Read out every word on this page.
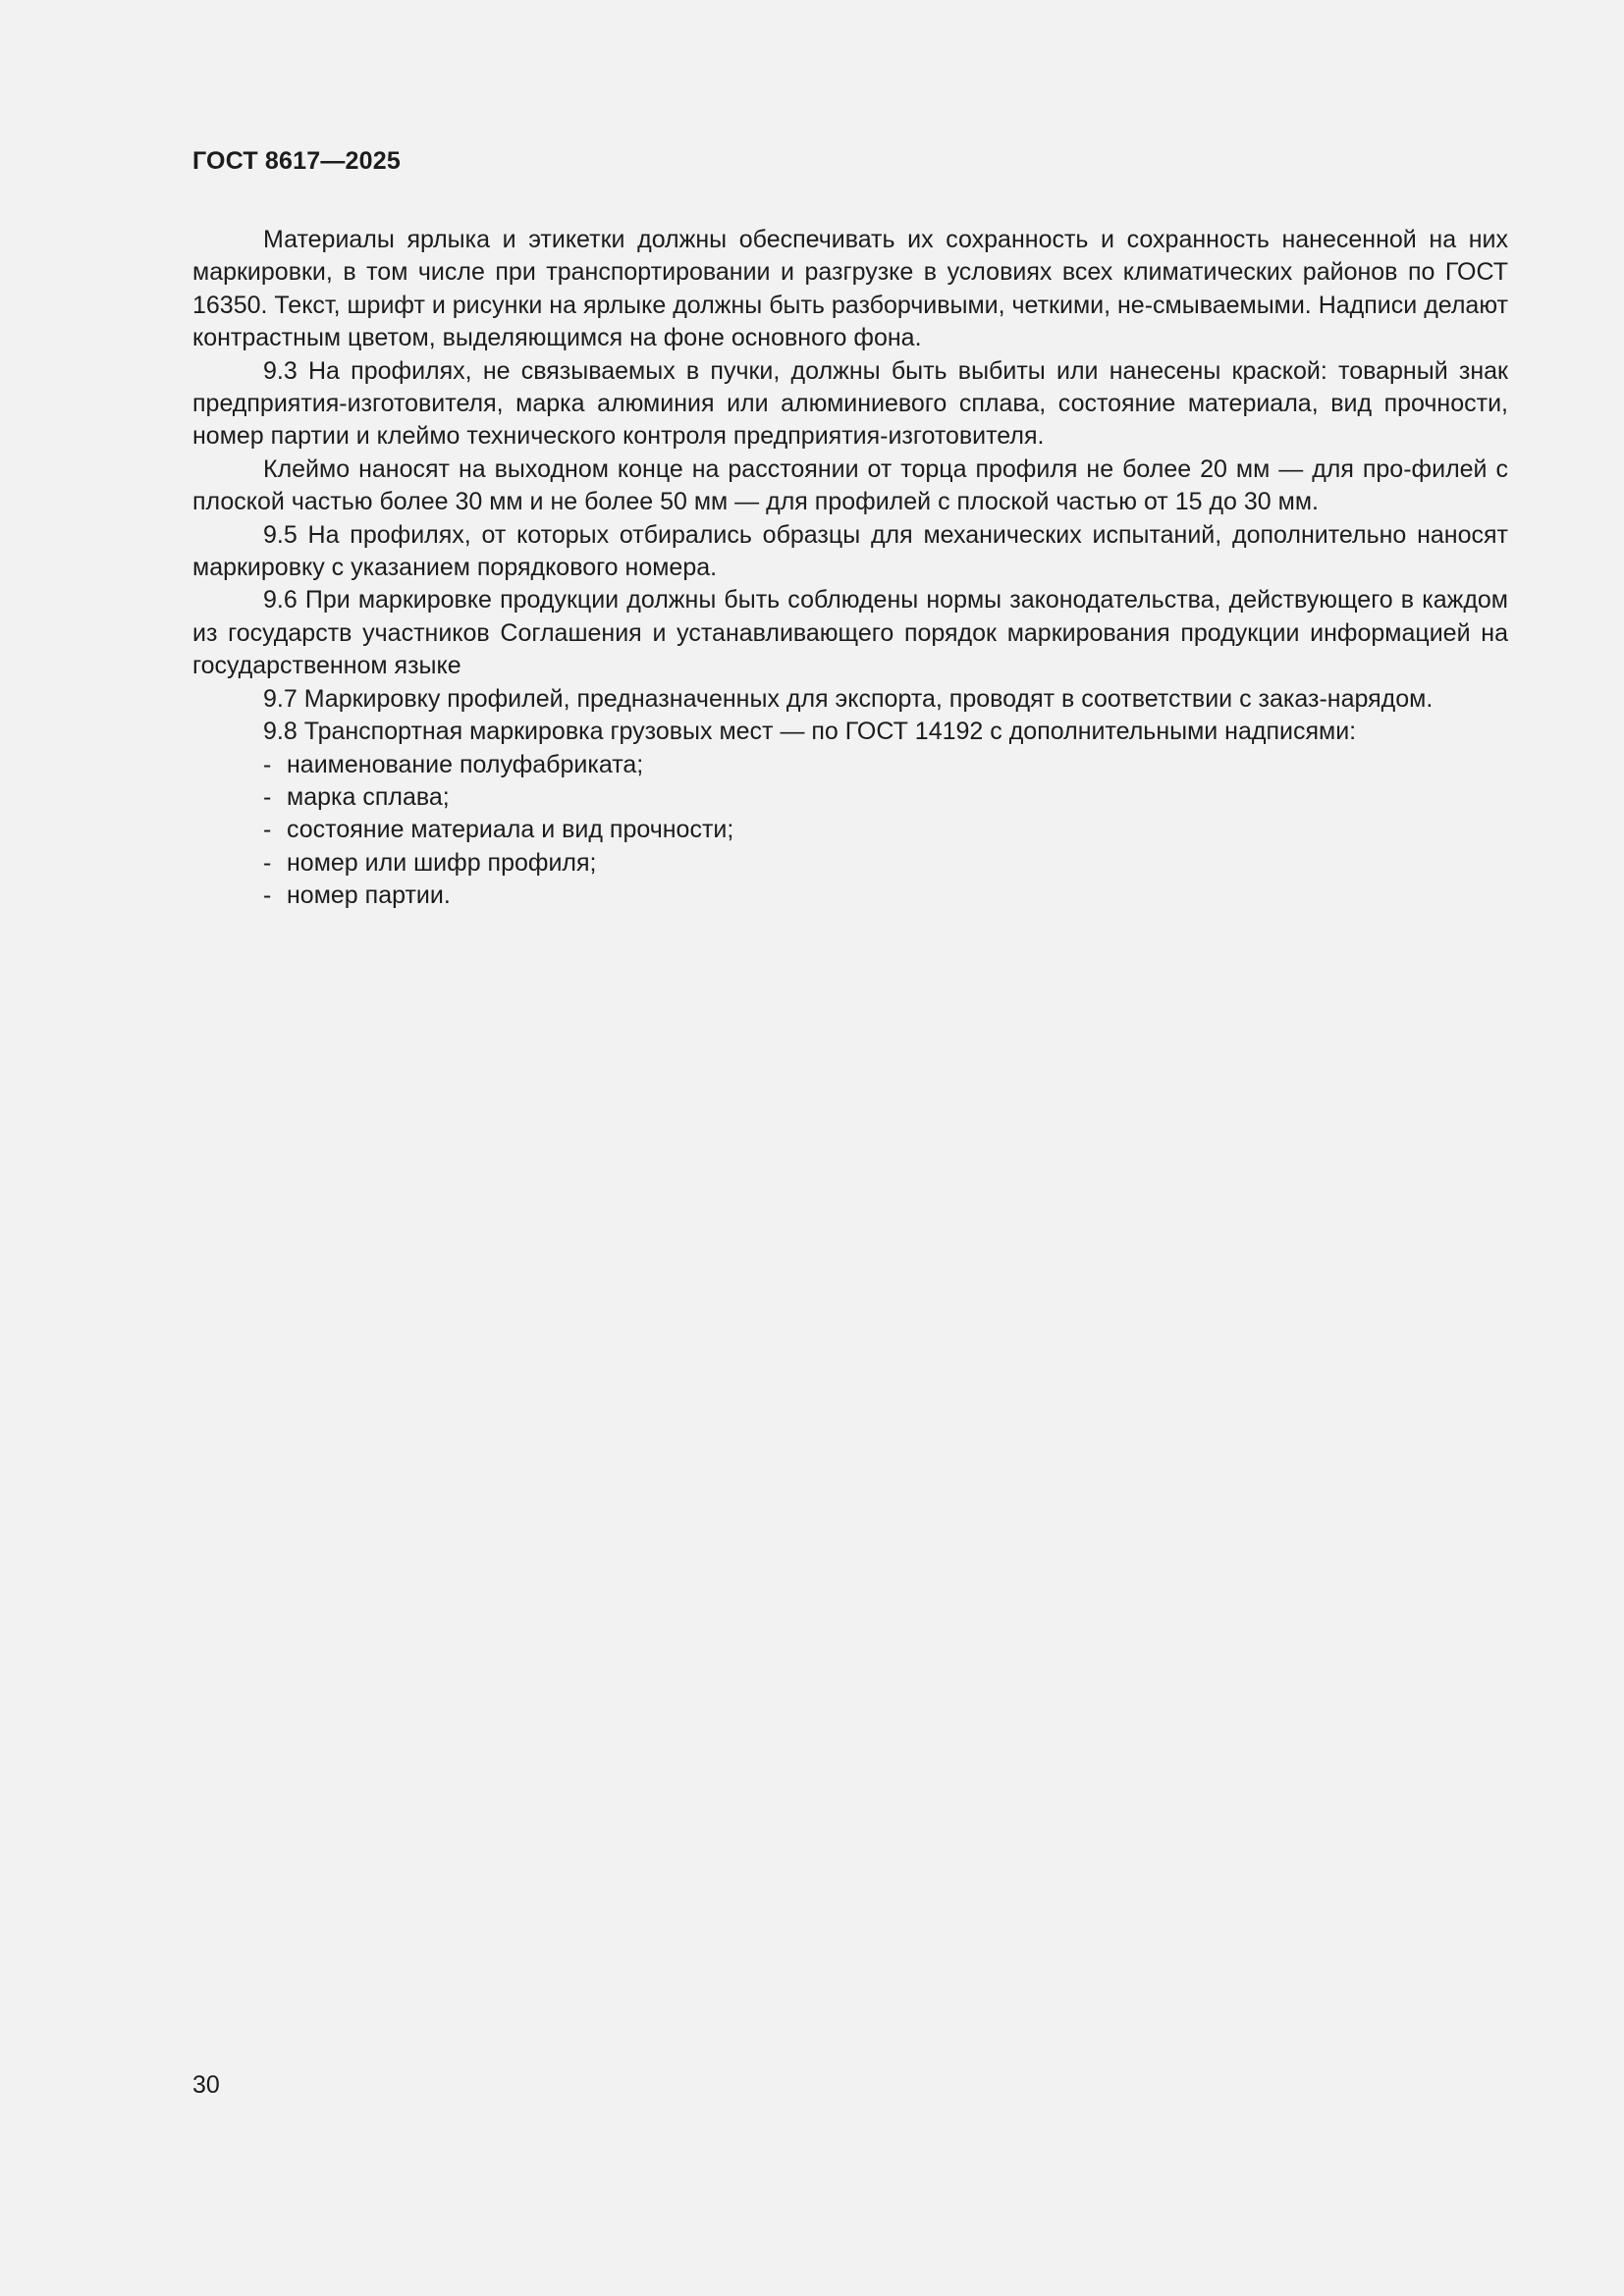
ГОСТ 8617—2025

Материалы ярлыка и этикетки должны обеспечивать их сохранность и сохранность нанесенной на них маркировки, в том числе при транспортировании и разгрузке в условиях всех климатических районов по ГОСТ 16350. Текст, шрифт и рисунки на ярлыке должны быть разборчивыми, четкими, не-смываемыми. Надписи делают контрастным цветом, выделяющимся на фоне основного фона.

9.3 На профилях, не связываемых в пучки, должны быть выбиты или нанесены краской: товарный знак предприятия-изготовителя, марка алюминия или алюминиевого сплава, состояние материала, вид прочности, номер партии и клеймо технического контроля предприятия-изготовителя.

Клеймо наносят на выходном конце на расстоянии от торца профиля не более 20 мм — для про-филей с плоской частью более 30 мм и не более 50 мм — для профилей с плоской частью от 15 до 30 мм.

9.5 На профилях, от которых отбирались образцы для механических испытаний, дополнительно наносят маркировку с указанием порядкового номера.

9.6 При маркировке продукции должны быть соблюдены нормы законодательства, действующего в каждом из государств участников Соглашения и устанавливающего порядок маркирования продукции информацией на государственном языке

9.7 Маркировку профилей, предназначенных для экспорта, проводят в соответствии с заказ-нарядом.

9.8 Транспортная маркировка грузовых мест — по ГОСТ 14192 с дополнительными надписями:

- наименование полуфабриката;
- марка сплава;
- состояние материала и вид прочности;
- номер или шифр профиля;
- номер партии.

30
